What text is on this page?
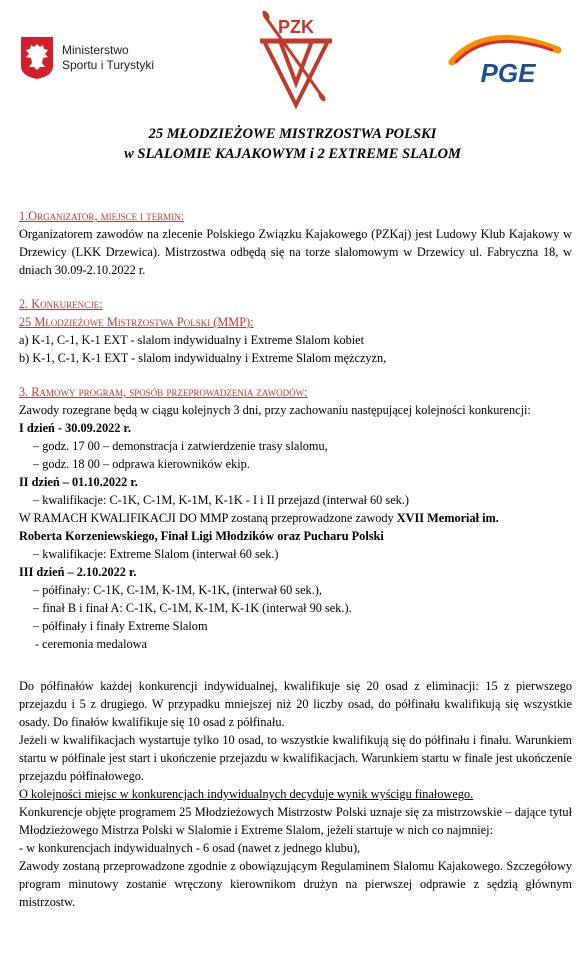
Ministerstwo
Sportu i Turystyki
PZK
PGE
25 MŁODZIEŻOWE MISTRZOSTWA POLSKI
w SLALOMIE KAJAKOWYM i 2 EXTREME SLALOM

1.Organizator, miejsce i termin:

Organizatorem zawodów na zlecenie Polskiego Związku Kajakowego (PZKaj) jest Ludowy Klub Kajakowy w Drzewicy (LKK Drzewica). Mistrzostwa odbędą się na torze slalomowym w Drzewicy ul. Fabryczna 18, w dniach 30.09-2.10.2022 r.

2. Konkurencje:

25 Młodzieżowe Mistrzostwa Polski (MMP):

a) K-1, C-1, K-1 EXT - slalom indywidualny i Extreme Slalom kobiet

b) K-1, C-1, K-1 EXT - slalom indywidualny i Extreme Slalom mężczyzn,

3. Ramowy program, sposób przeprowadzenia zawodów:

Zawody rozegrane będą w ciągu kolejnych 3 dni, przy zachowaniu następującej kolejności konkurencji:

I dzień - 30.09.2022 r.

– godz. 17 00 – demonstracja i zatwierdzenie trasy slalomu,

– godz. 18 00 – odprawa kierowników ekip.

II dzień – 01.10.2022 r.

– kwalifikacje: C-1K, C-1M, K-1M, K-1K - I i II przejazd (interwał 60 sek.)

W RAMACH KWALIFIKACJI DO MMP zostaną przeprowadzone zawody XVII Memoriał im.

Roberta Korzeniewskiego, Finał Ligi Młodzików oraz Pucharu Polski

– kwalifikacje: Extreme Slalom (interwał 60 sek.)

III dzień – 2.10.2022 r.

– półfinały: C-1K, C-1M, K-1M, K-1K, (interwał 60 sek.),

– finał B i finał A: C-1K, C-1M, K-1M, K-1K (interwał 90 sek.).

– półfinały i finały Extreme Slalom

- ceremonia medalowa

Do półfinałów każdej konkurencji indywidualnej, kwalifikuje się 20 osad z eliminacji: 15 z pierwszego przejazdu i 5 z drugiego. W przypadku mniejszej niż 20 liczby osad, do półfinału kwalifikują się wszystkie osady. Do finałów kwalifikuje się 10 osad z półfinału.

Jeżeli w kwalifikacjach wystartuje tylko 10 osad, to wszystkie kwalifikują się do półfinału i finału. Warunkiem startu w półfinale jest start i ukończenie przejazdu w kwalifikacjach. Warunkiem startu w finale jest ukończenie przejazdu półfinałowego.

O kolejności miejsc w konkurencjach indywidualnych decyduje wynik wyścigu finałowego.

Konkurencje objęte programem 25 Młodzieżowych Mistrzostw Polski uznaje się za mistrzowskie – dające tytuł Młodzieżowego Mistrza Polski w Slalomie i Extreme Slalom, jeżeli startuje w nich co najmniej:

- w konkurencjach indywidualnych - 6 osad (nawet z jednego klubu),

Zawody zostaną przeprowadzone zgodnie z obowiązującym Regulaminem Slalomu Kajakowego. Szczegółowy program minutowy zostanie wręczony kierownikom drużyn na pierwszej odprawie z sędzią głównym mistrzostw.
